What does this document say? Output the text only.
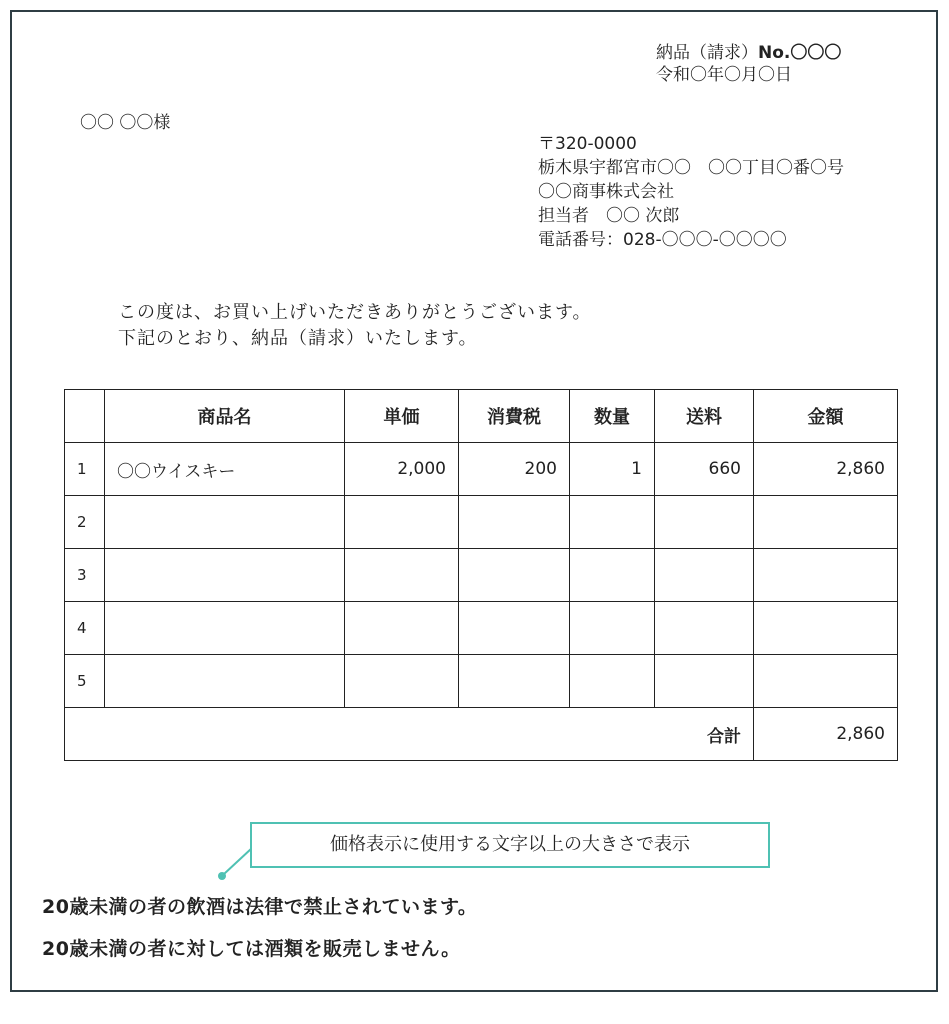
納品（請求）No.〇〇〇
令和〇年〇月〇日
〇〇 〇〇様
〒320-0000
栃木県宇都宮市〇〇　〇〇丁目〇番〇号
〇〇商事株式会社
担当者　〇〇 次郎
電話番号：028-〇〇〇-〇〇〇〇
この度は、お買い上げいただきありがとうございます。
下記のとおり、納品（請求）いたします。
	商品名	単価	消費税	数量	送料	金額
1	〇〇ウイスキー	2,000	200	1	660	2,860
2						
3						
4						
5						
合計						2,860
価格表示に使用する文字以上の大きさで表示
20歳未満の者の飲酒は法律で禁止されています。
20歳未満の者に対しては酒類を販売しません。
